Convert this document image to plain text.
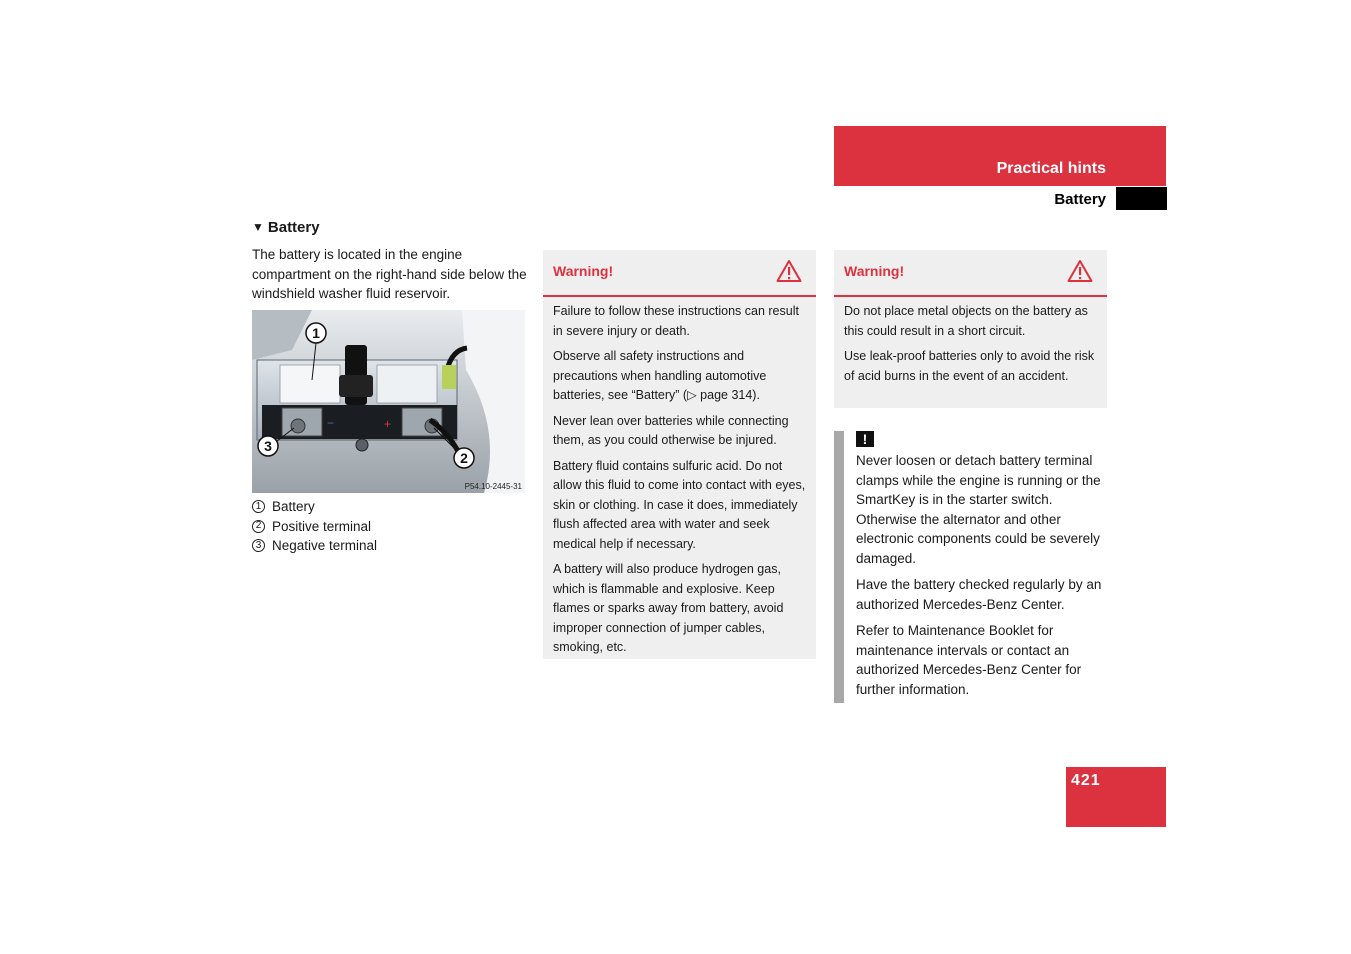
Practical hints
Battery
▼ Battery
The battery is located in the engine compartment on the right-hand side below the windshield washer fluid reservoir.
−	+
1
2
3
P54.10-2445-31
1 Battery
2 Positive terminal
3 Negative terminal
Warning!

Failure to follow these instructions can result in severe injury or death.

Observe all safety instructions and precautions when handling automotive batteries, see “Battery” (▷ page 314).

Never lean over batteries while connecting them, as you could otherwise be injured.

Battery fluid contains sulfuric acid. Do not allow this fluid to come into contact with eyes, skin or clothing. In case it does, immediately flush affected area with water and seek medical help if necessary.

A battery will also produce hydrogen gas, which is flammable and explosive. Keep flames or sparks away from battery, avoid improper connection of jumper cables, smoking, etc.

Warning!

Do not place metal objects on the battery as this could result in a short circuit.

Use leak-proof batteries only to avoid the risk of acid burns in the event of an accident.

!

Never loosen or detach battery terminal clamps while the engine is running or the SmartKey is in the starter switch. Otherwise the alternator and other electronic components could be severely damaged.

Have the battery checked regularly by an authorized Mercedes-Benz Center.

Refer to Maintenance Booklet for maintenance intervals or contact an authorized Mercedes-Benz Center for further information.

421
